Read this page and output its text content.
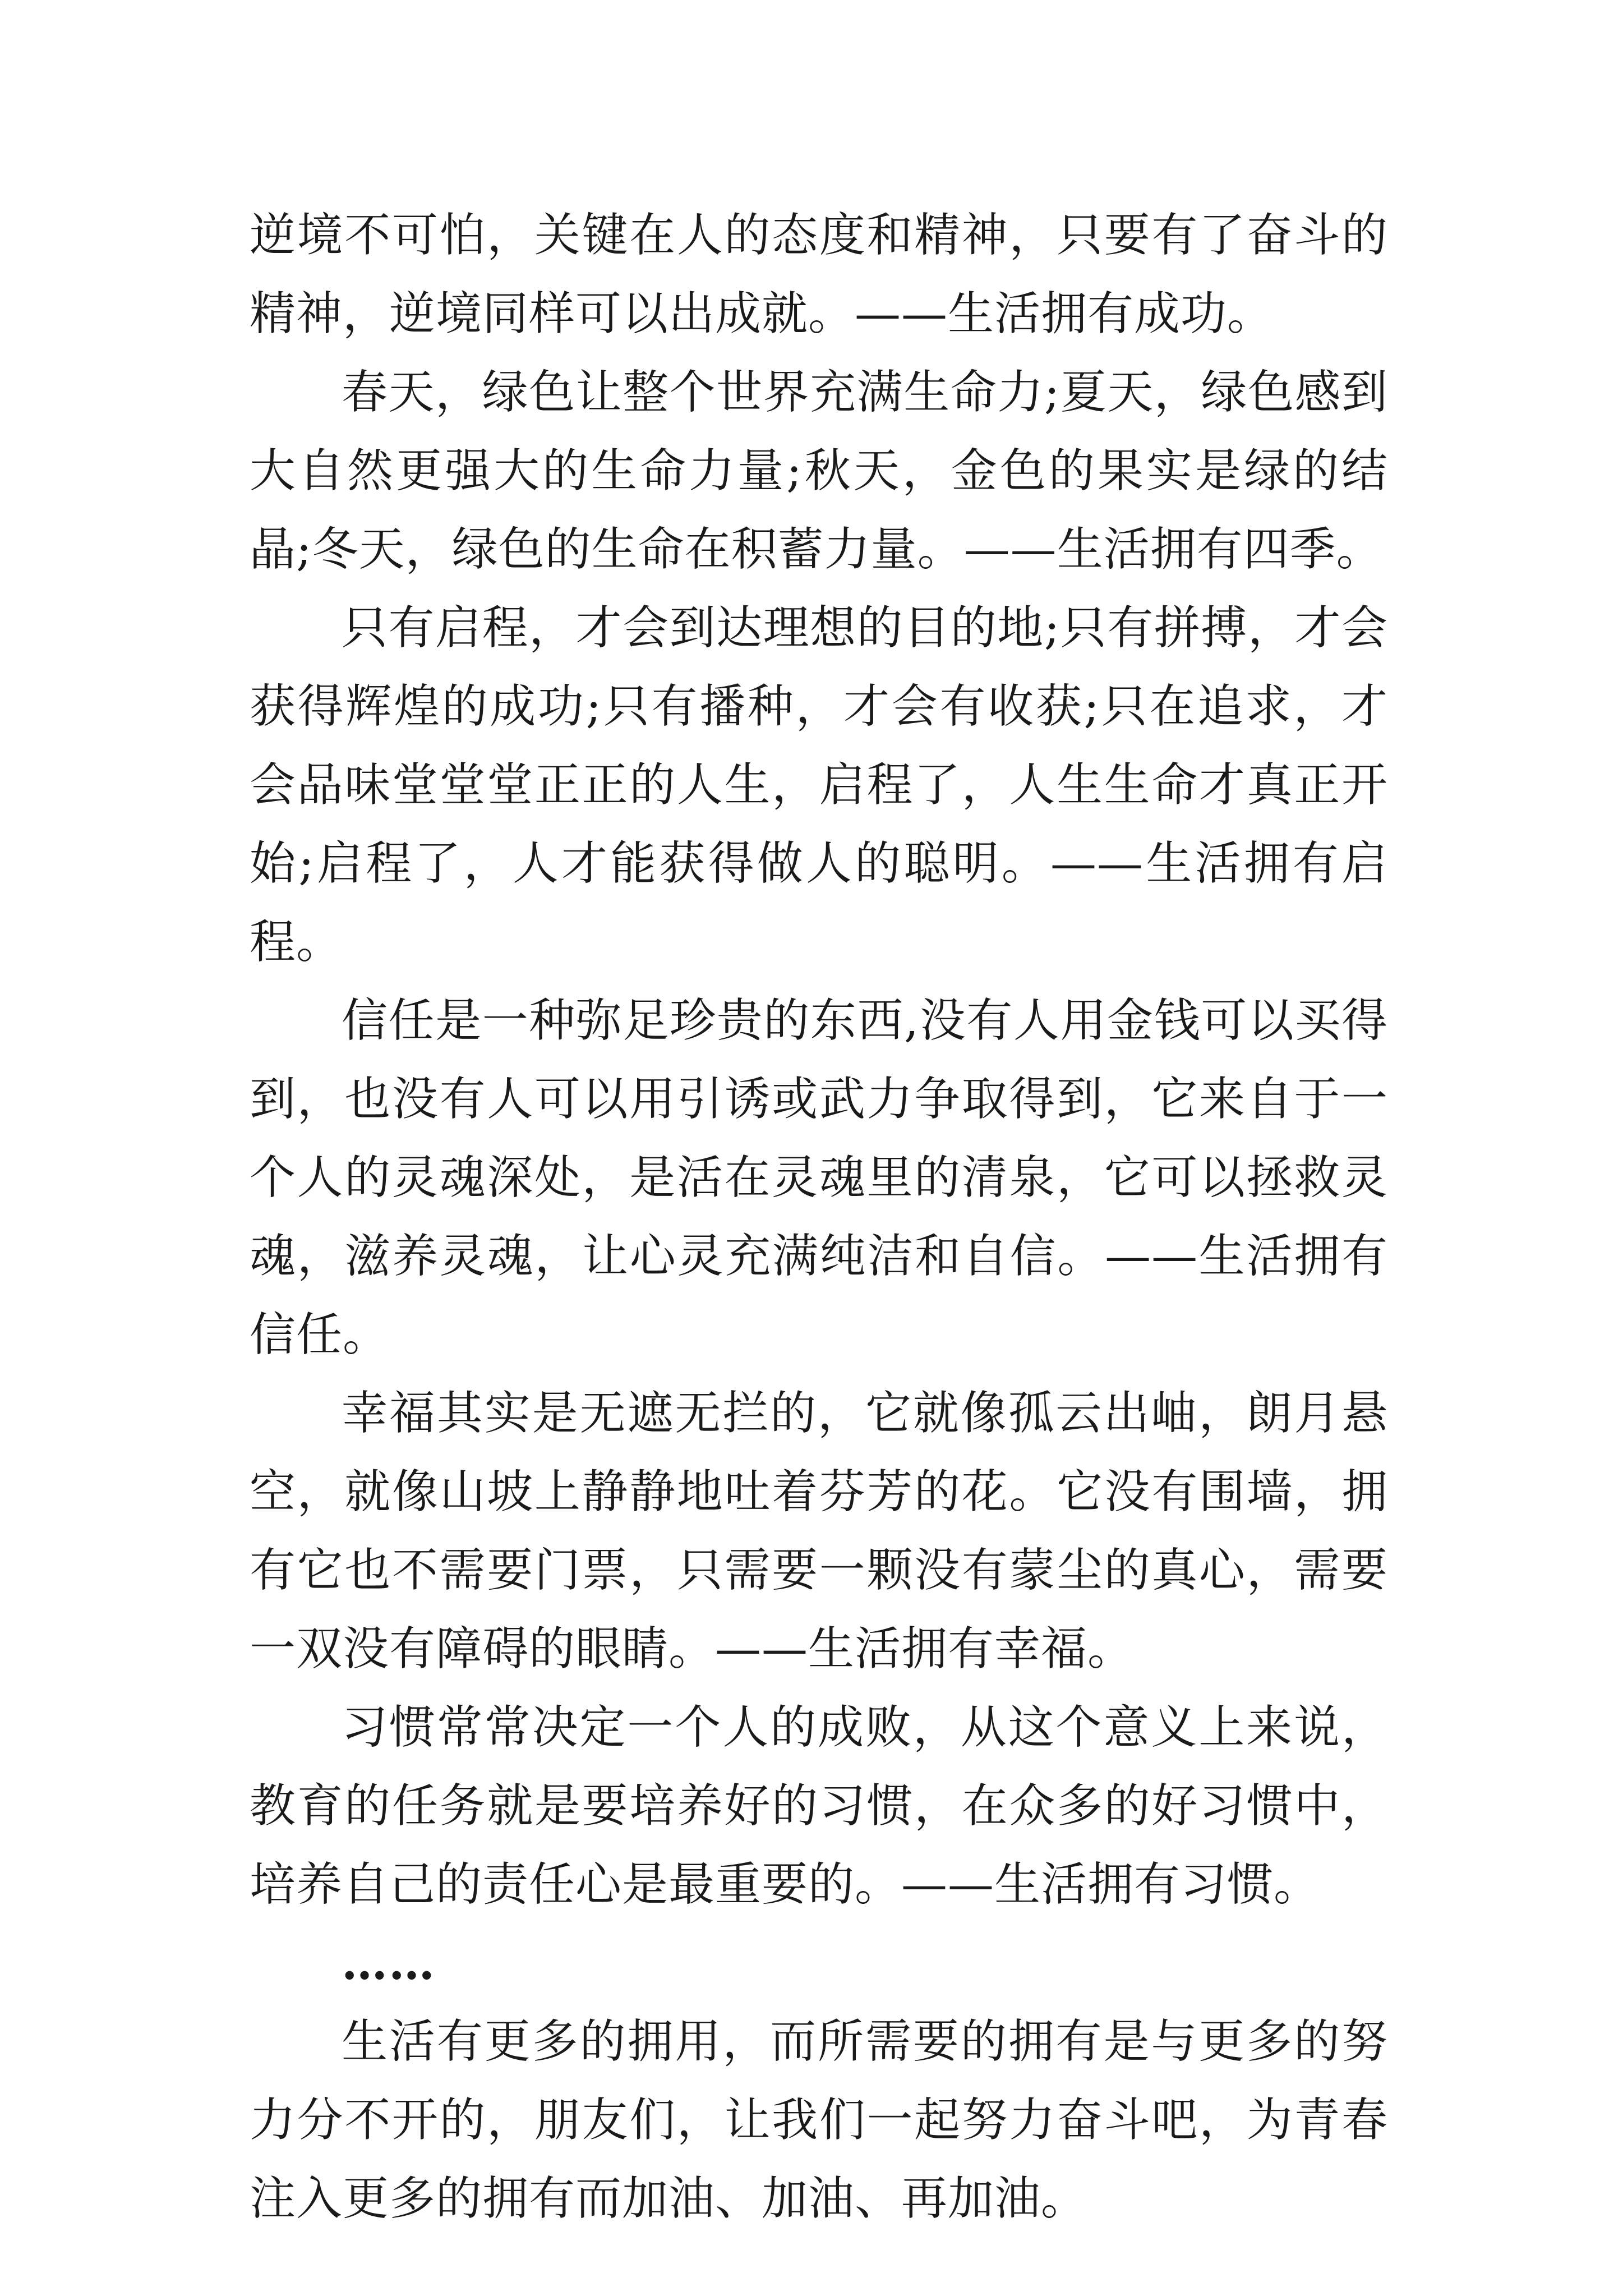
逆境不可怕，关键在人的态度和精神，只要有了奋斗的精神，逆境同样可以出成就。——生活拥有成功。

春天，绿色让整个世界充满生命力;夏天，绿色感到大自然更强大的生命力量;秋天，金色的果实是绿的结晶;冬天，绿色的生命在积蓄力量。——生活拥有四季。

只有启程，才会到达理想的目的地;只有拼搏，才会获得辉煌的成功;只有播种，才会有收获;只在追求，才会品味堂堂堂正正的人生，启程了，人生生命才真正开始;启程了，人才能获得做人的聪明。——生活拥有启程。

信任是一种弥足珍贵的东西,没有人用金钱可以买得到，也没有人可以用引诱或武力争取得到，它来自于一个人的灵魂深处，是活在灵魂里的清泉，它可以拯救灵魂，滋养灵魂，让心灵充满纯洁和自信。——生活拥有信任。

幸福其实是无遮无拦的，它就像孤云出岫，朗月悬空，就像山坡上静静地吐着芬芳的花。它没有围墙，拥有它也不需要门票，只需要一颗没有蒙尘的真心，需要一双没有障碍的眼睛。——生活拥有幸福。

习惯常常决定一个人的成败，从这个意义上来说，教育的任务就是要培养好的习惯，在众多的好习惯中，培养自己的责任心是最重要的。——生活拥有习惯。

……

生活有更多的拥用，而所需要的拥有是与更多的努力分不开的，朋友们，让我们一起努力奋斗吧，为青春注入更多的拥有而加油、加油、再加油。
